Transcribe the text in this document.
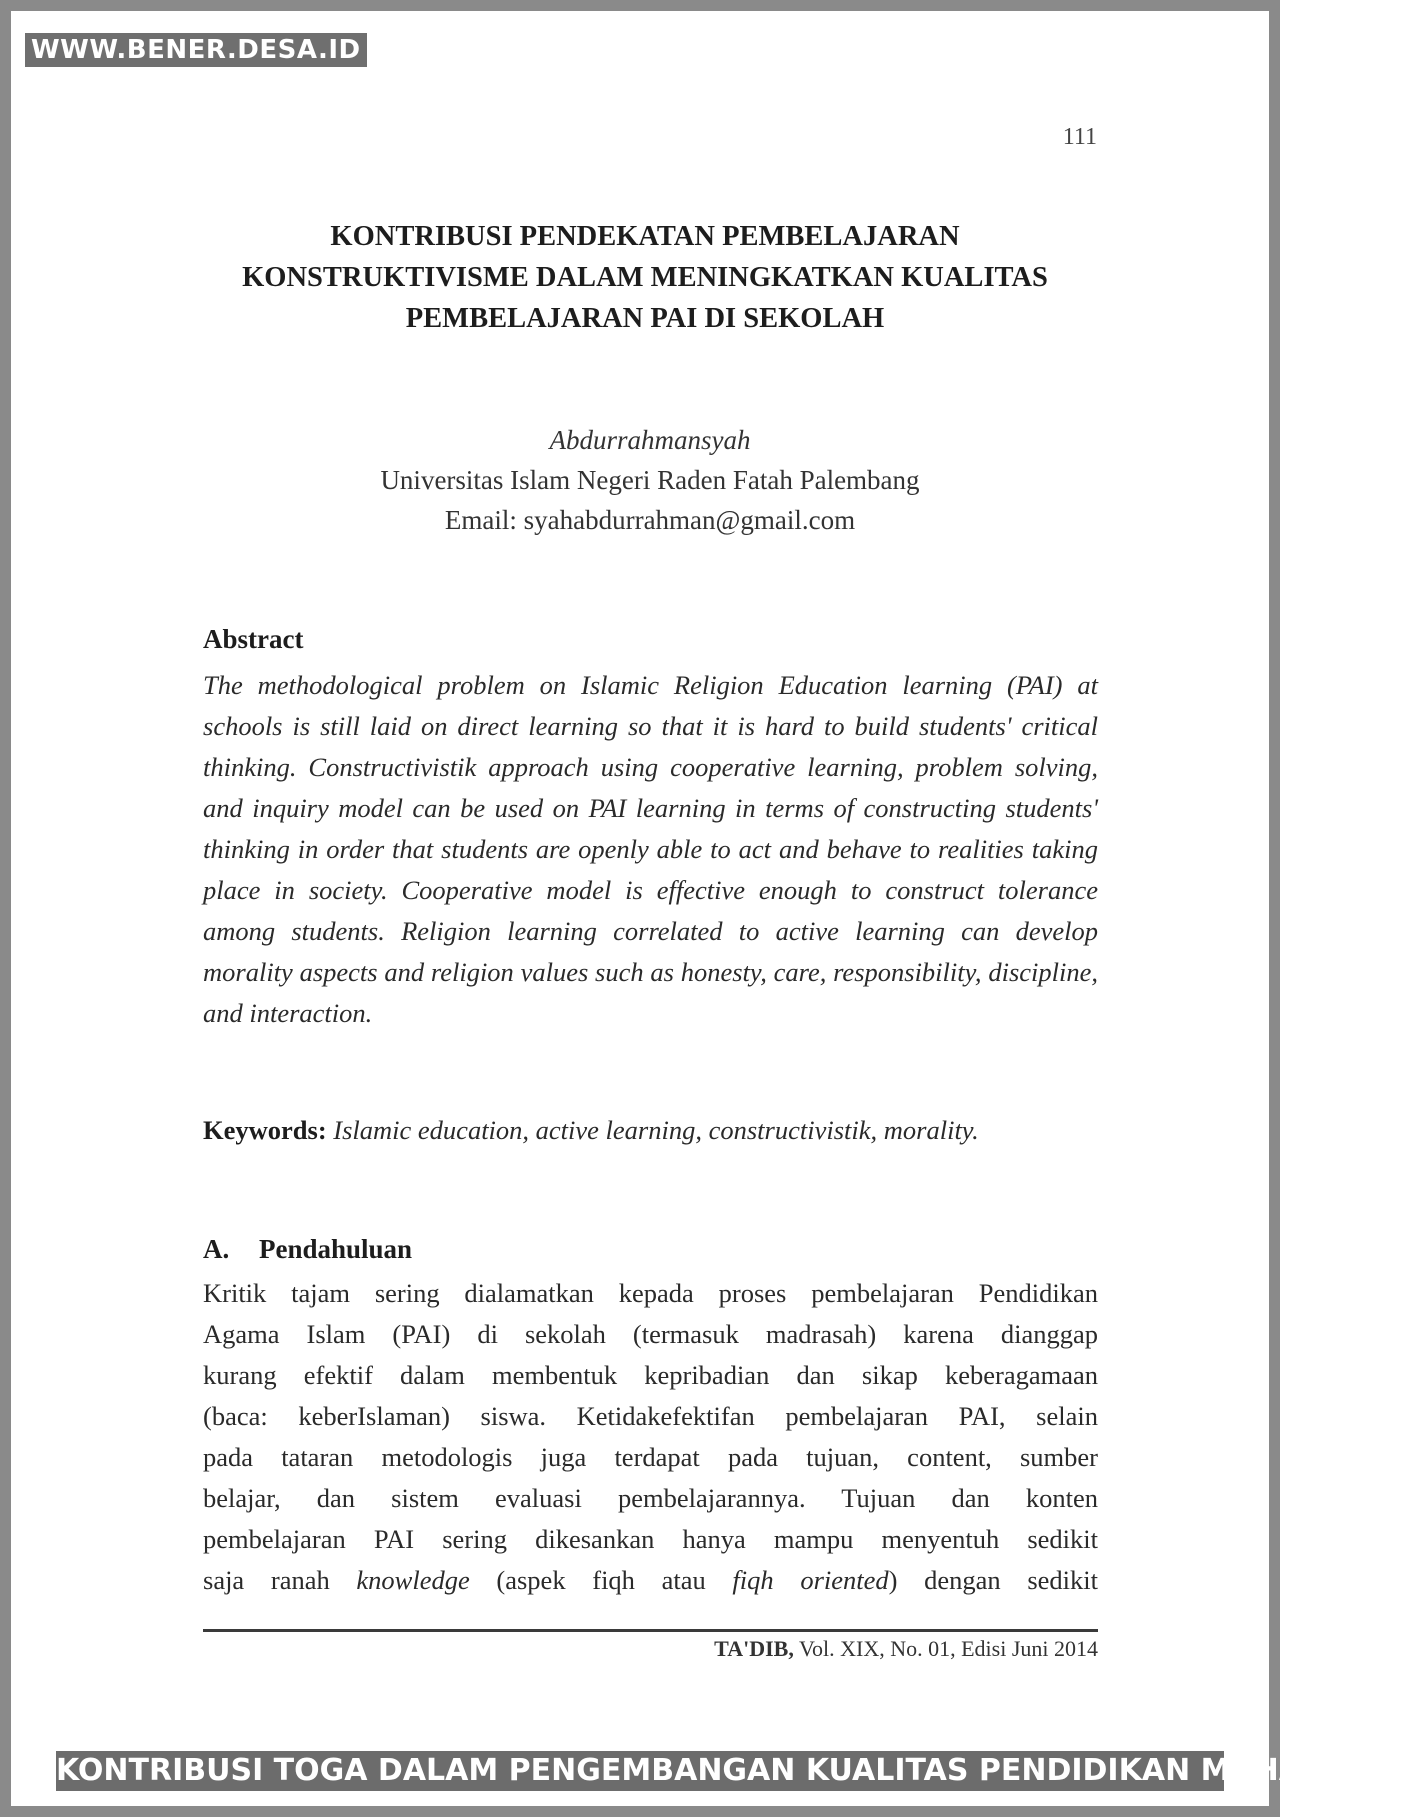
WWW.BENER.DESA.ID
111
KONTRIBUSI PENDEKATAN PEMBELAJARAN
KONSTRUKTIVISME DALAM MENINGKATKAN KUALITAS
PEMBELAJARAN PAI DI SEKOLAH
Abdurrahmansyah
Universitas Islam Negeri Raden Fatah Palembang
Email: syahabdurrahman@gmail.com
Abstract
The methodological problem on Islamic Religion Education learning (PAI) at schools is still laid on direct learning so that it is hard to build students' critical thinking. Constructivistik approach using cooperative learning, problem solving, and inquiry model can be used on PAI learning in terms of constructing students' thinking in order that students are openly able to act and behave to realities taking place in society. Cooperative model is effective enough to construct tolerance among students. Religion learning correlated to active learning can develop morality aspects and religion values such as honesty, care, responsibility, discipline, and interaction.
Keywords: Islamic education, active learning, constructivistik, morality.
A. Pendahuluan
Kritik tajam sering dialamatkan kepada proses pembelajaran Pendidikan
Agama Islam (PAI) di sekolah (termasuk madrasah) karena dianggap
kurang efektif dalam membentuk kepribadian dan sikap keberagamaan
(baca: keberIslaman) siswa. Ketidakefektifan pembelajaran PAI, selain
pada tataran metodologis juga terdapat pada tujuan, content, sumber
belajar, dan sistem evaluasi pembelajarannya. Tujuan dan konten
pembelajaran PAI sering dikesankan hanya mampu menyentuh sedikit
saja ranah knowledge (aspek fiqh atau fiqh oriented) dengan sedikit
TA'DIB, Vol. XIX, No. 01, Edisi Juni 2014
KONTRIBUSI TOGA DALAM PENGEMBANGAN KUALITAS PENDIDIKAN MAHASISWA
